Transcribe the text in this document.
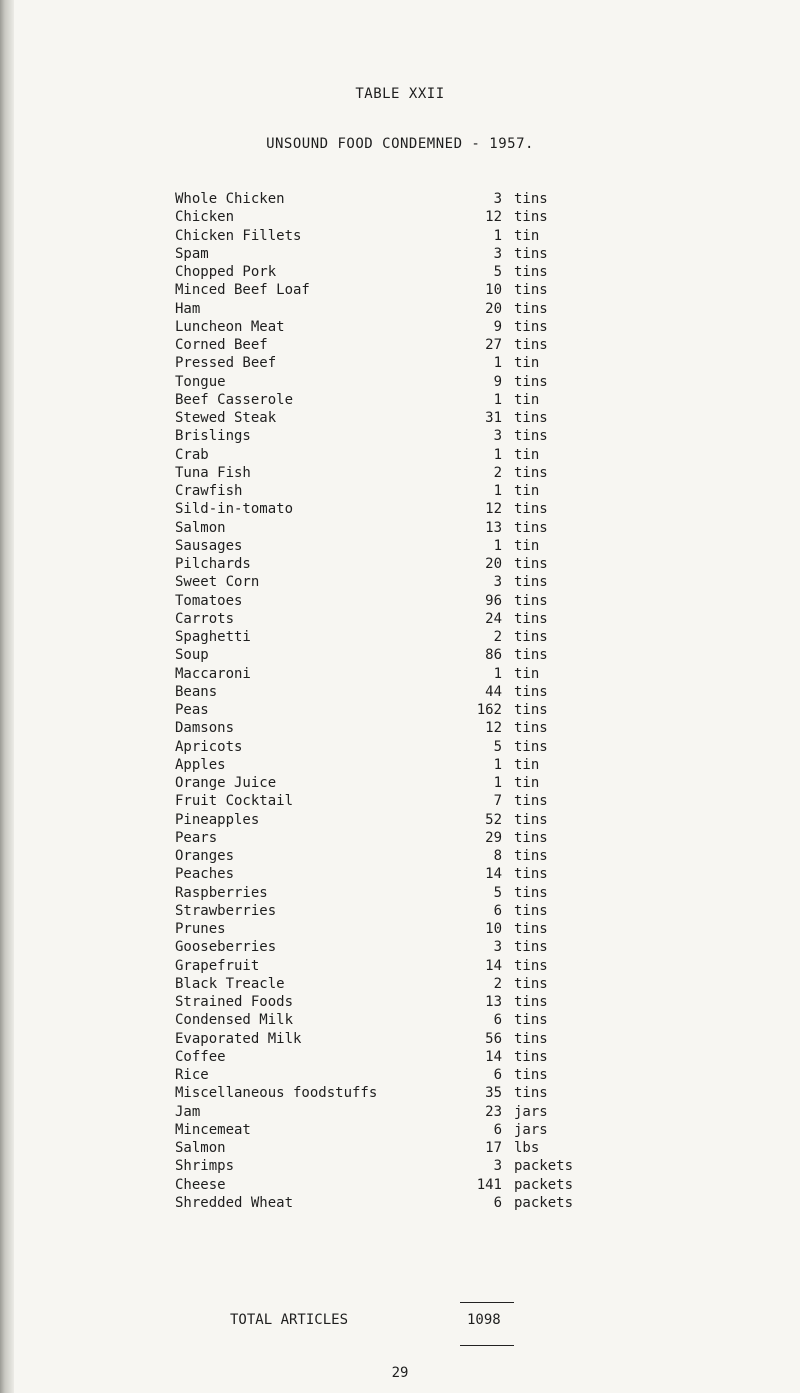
TABLE XXII
UNSOUND FOOD CONDEMNED - 1957.
Whole Chicken	3 tins
Chicken	12 tins
Chicken Fillets	1 tin
Spam	3 tins
Chopped Pork	5 tins
Minced Beef Loaf	10 tins
Ham	20 tins
Luncheon Meat	9 tins
Corned Beef	27 tins
Pressed Beef	1 tin
Tongue	9 tins
Beef Casserole	1 tin
Stewed Steak	31 tins
Brislings	3 tins
Crab	1 tin
Tuna Fish	2 tins
Crawfish	1 tin
Sild-in-tomato	12 tins
Salmon	13 tins
Sausages	1 tin
Pilchards	20 tins
Sweet Corn	3 tins
Tomatoes	96 tins
Carrots	24 tins
Spaghetti	2 tins
Soup	86 tins
Maccaroni	1 tin
Beans	44 tins
Peas	162 tins
Damsons	12 tins
Apricots	5 tins
Apples	1 tin
Orange Juice	1 tin
Fruit Cocktail	7 tins
Pineapples	52 tins
Pears	29 tins
Oranges	8 tins
Peaches	14 tins
Raspberries	5 tins
Strawberries	6 tins
Prunes	10 tins
Gooseberries	3 tins
Grapefruit	14 tins
Black Treacle	2 tins
Strained Foods	13 tins
Condensed Milk	6 tins
Evaporated Milk	56 tins
Coffee	14 tins
Rice	6 tins
Miscellaneous foodstuffs	35 tins
Jam	23 jars
Mincemeat	6 jars
Salmon	17 lbs
Shrimps	3 packets
Cheese	141 packets
Shredded Wheat	6 packets
TOTAL ARTICLES	1098
29
